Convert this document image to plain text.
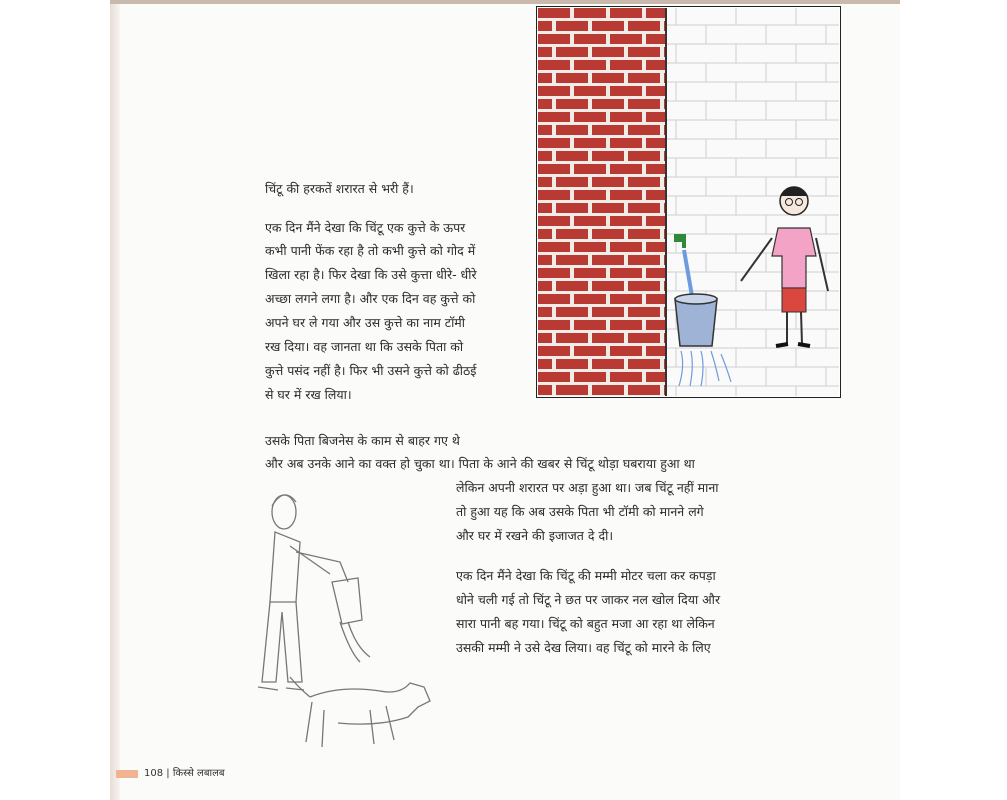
चिंटू की हरकतें शरारत से भरी हैं।
एक दिन मैंने देखा कि चिंटू एक कुत्ते के ऊपर
कभी पानी फेंक रहा है तो कभी कुत्ते को गोद में
खिला रहा है। फिर देखा कि उसे कुत्ता धीरे- धीरे
अच्छा लगने लगा है। और एक दिन वह कुत्ते को
अपने घर ले गया और उस कुत्ते का नाम टॉमी
रख दिया। वह जानता था कि उसके पिता को
कुत्ते पसंद नहीं है। फिर भी उसने कुत्ते को ढीठई
से घर में रख लिया।
उसके पिता बिजनेस के काम से बाहर गए थे
और अब उनके आने का वक्त हो चुका था। पिता के आने की खबर से चिंटू थोड़ा घबराया हुआ था
लेकिन अपनी शरारत पर अड़ा हुआ था। जब चिंटू नहीं माना
तो हुआ यह कि अब उसके पिता भी टॉमी को मानने लगे
और घर में रखने की इजाजत दे दी।
एक दिन मैंने देखा कि चिंटू की मम्मी मोटर चला कर कपड़ा
धोने चली गई तो चिंटू ने छत पर जाकर नल खोल दिया और
सारा पानी बह गया। चिंटू को बहुत मजा आ रहा था लेकिन
उसकी मम्मी ने उसे देख लिया। वह चिंटू को मारने के लिए
108 | किस्से लबालब
